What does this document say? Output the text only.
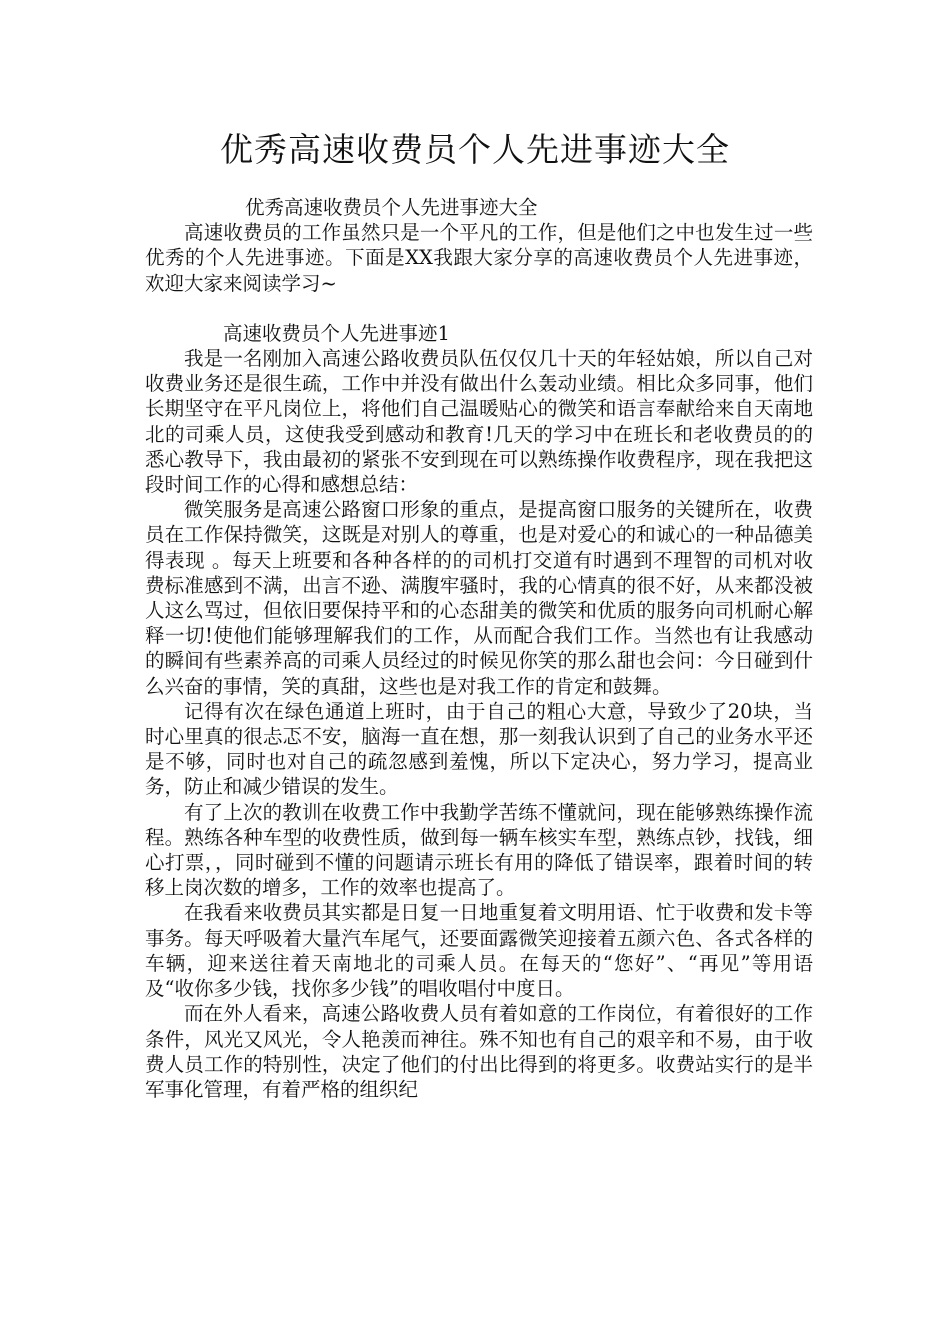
优秀高速收费员个人先进事迹大全

优秀高速收费员个人先进事迹大全

高速收费员的工作虽然只是一个平凡的工作，但是他们之中也发生过一些优秀的个人先进事迹。下面是XX我跟大家分享的高速收费员个人先进事迹，欢迎大家来阅读学习~

高速收费员个人先进事迹1

我是一名刚加入高速公路收费员队伍仅仅几十天的年轻姑娘，所以自己对收费业务还是很生疏，工作中并没有做出什么轰动业绩。相比众多同事，他们长期坚守在平凡岗位上，将他们自己温暖贴心的微笑和语言奉献给来自天南地北的司乘人员，这使我受到感动和教育!几天的学习中在班长和老收费员的的悉心教导下，我由最初的紧张不安到现在可以熟练操作收费程序，现在我把这段时间工作的心得和感想总结：

微笑服务是高速公路窗口形象的重点，是提高窗口服务的关键所在，收费员在工作保持微笑，这既是对别人的尊重，也是对爱心的和诚心的一种品德美得表现 。每天上班要和各种各样的的司机打交道有时遇到不理智的司机对收费标准感到不满，出言不逊、满腹牢骚时，我的心情真的很不好，从来都没被人这么骂过，但依旧要保持平和的心态甜美的微笑和优质的服务向司机耐心解释一切!使他们能够理解我们的工作，从而配合我们工作。当然也有让我感动的瞬间有些素养高的司乘人员经过的时候见你笑的那么甜也会问：今日碰到什么兴奋的事情，笑的真甜，这些也是对我工作的肯定和鼓舞。

记得有次在绿色通道上班时，由于自己的粗心大意，导致少了20块，当时心里真的很忐忑不安，脑海一直在想，那一刻我认识到了自己的业务水平还是不够，同时也对自己的疏忽感到羞愧，所以下定决心，努力学习，提高业务，防止和减少错误的发生。

有了上次的教训在收费工作中我勤学苦练不懂就问，现在能够熟练操作流程。熟练各种车型的收费性质，做到每一辆车核实车型，熟练点钞，找钱，细心打票，，同时碰到不懂的问题请示班长有用的降低了错误率，跟着时间的转移上岗次数的增多，工作的效率也提高了。

在我看来收费员其实都是日复一日地重复着文明用语、忙于收费和发卡等事务。每天呼吸着大量汽车尾气，还要面露微笑迎接着五颜六色、各式各样的车辆，迎来送往着天南地北的司乘人员。在每天的“您好”、“再见”等用语及“收你多少钱，找你多少钱”的唱收唱付中度日。

而在外人看来，高速公路收费人员有着如意的工作岗位，有着很好的工作条件，风光又风光，令人艳羡而神往。殊不知也有自己的艰辛和不易，由于收费人员工作的特别性，决定了他们的付出比得到的将更多。收费站实行的是半军事化管理，有着严格的组织纪
